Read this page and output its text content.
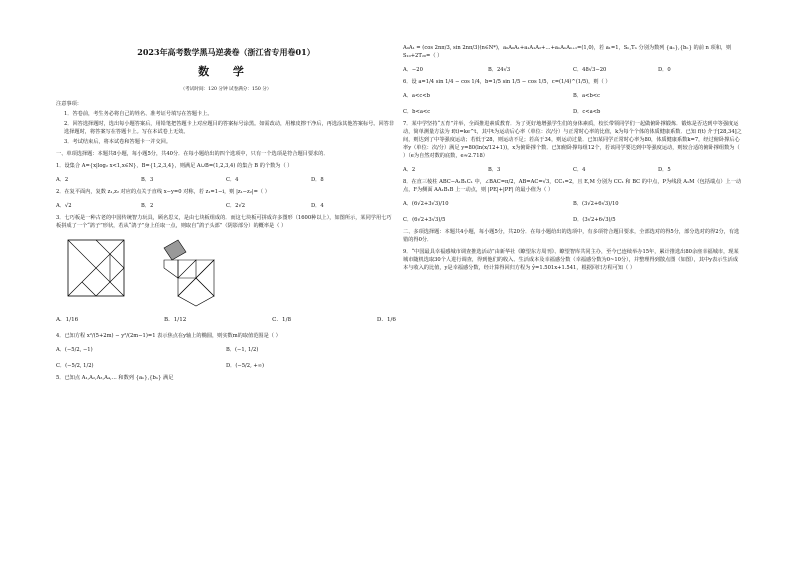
2023年高考数学黑马逆袭卷（浙江省专用卷01）
数 学
（考试时间：120 分钟 试卷满分：150 分）
注意事项：
1．答卷前，考生务必将自己的姓名、准考证号填写在答题卡上。
2．回答选择题时，选出每小题答案后，用铅笔把答题卡上对应题目的答案标号涂黑。如需改动，用橡皮擦干净后，再选涂其他答案标号。回答非选择题时，将答案写在答题卡上。写在本试卷上无效。
3．考试结束后，将本试卷和答题卡一并交回。
一、单项选择题：本题共8小题，每小题5分，共40分．在每小题给出的四个选项中，只有一个选项是符合题目要求的．
1．设集合 A={x|log₂ x<1,x∈N}，B={1,2,3,4}，则满足 A∪B=(1,2,3,4) 的集合 B 的个数为（ ）
A．2	B．3	C．4	D．8
2．在复平面内，复数 z₁,z₂ 对应的点关于直线 x−y=0 对称，若 z₁=1−i，则 |z₁−z₂|=（ ）
A．√2	B．2	C．2√2	D．4
3．七巧板是一种古老的中国传统智力玩具，顾名思义，是由七块板组成的．而这七块板可拼成许多图形（1600种以上），如图所示，某同学用七巧板拼成了一个“鸽子”形状，若从“鸽子”身上任取一点，则取自“鸽子头部”（阴影部分）的概率是（ ）
A．1/16	B．1/12	C．1/8	D．1/6
4．已知方程 x²/(5+2m) − y²/(2m−1)=1 表示焦点在y轴上的椭圆，则实数m的取值范围是（ ）
A．(−5/2, −1)	B．(−1, 1/2)
C．(−5/2, 1/2)	D．(−5/2, +∞)
5．已知点 A₁,A₂,A₃,A₄,… 和数列 {aₙ},{bₙ} 满足
A₀A₁ = (cos 2nπ/3, sin 2nπ/3)(n∈N*)，a₀A₀A₁+a₁A₁A₂+…+aₙAₙAₙ₊₁=(1,0)，若 a₁=1，Sₙ,Tₙ 分别为数列 {aₙ},{bₙ} 的前 n 项和，则 S₁₀+2T₂₀=（ ）
A．−20	B．24√3	C．48√3−20	D．0
6．设 a=1/4 sin 1/4 − cos 1/4，b=1/5 sin 1/5 − cos 1/5，c=(1/4)^(1/5)，则（ ）
A．a<c<b	B．a<b<c
C．b<a<c	D．c<a<b
7．某中学坚持“五育”并举，全面推进素质教育．为了更好地增强学生们的身体素质，校长带领同学们一起做俯卧撑锻炼．锻炼是否达到中等强度运动，简单测量方法为 f(t)=ke^t，其中t为运动后心率（单位：次/分）与正常时心率的比值，k为每个个体的体质健康系数．已知 f(t) 介于[28,34]之间，则达到了中等强度运动；若低于28，则运动不足；若高于34，则运动过量．已知某同学正常时心率为80，体质健康系数k=7，经过俯卧撑后心率y（单位：次/分）满足 y=80(ln(x/12+1))，x为俯卧撑个数．已知俯卧撑每组12个，若该同学要达到中等强度运动，则较合适的俯卧撑组数为（ ）（e为自然对数的底数，e≈2.718）
A．2	B．3	C．4	D．5
8．在直三棱柱 ABC−A₁B₁C₁ 中，∠BAC=π/2，AB=AC=√3，CC₁=2，且 E,M 分别为 CC₁ 和 BC 的中点，P为线段 A₁M（包括端点）上一动点，F为侧面 AA₁B₁B 上一动点，则 |PE|+|PF| 的最小值为（ ）
A．(6√2+3√3)/10	B．(3√2+6√3)/10
C．(6√2+3√3)/5	D．(3√2+6√3)/5
二、多项选择题：本题共4小题，每小题5分，共20分．在每小题给出的选项中，有多项符合题目要求，全部选对的得5分，部分选对的得2分，有选错的得0分．
9．“中国最具幸福感城市调查推选活动”由新华社《瞭望东方周刊》、瞭望智库共同主办，至今已连续举办15年，累计推选出80余座幸福城市，现某城市随机选取30个人进行调查，得到他们的收入、生活成本及幸福感分数（幸福感分数为0~10分），并整理得到散点图（如图），其中y表示生活成本与收入的比值，y是幸福感分数，经计算得回归方程为 ŷ=1.501x+1.541，根据回归方程可知（ ）
